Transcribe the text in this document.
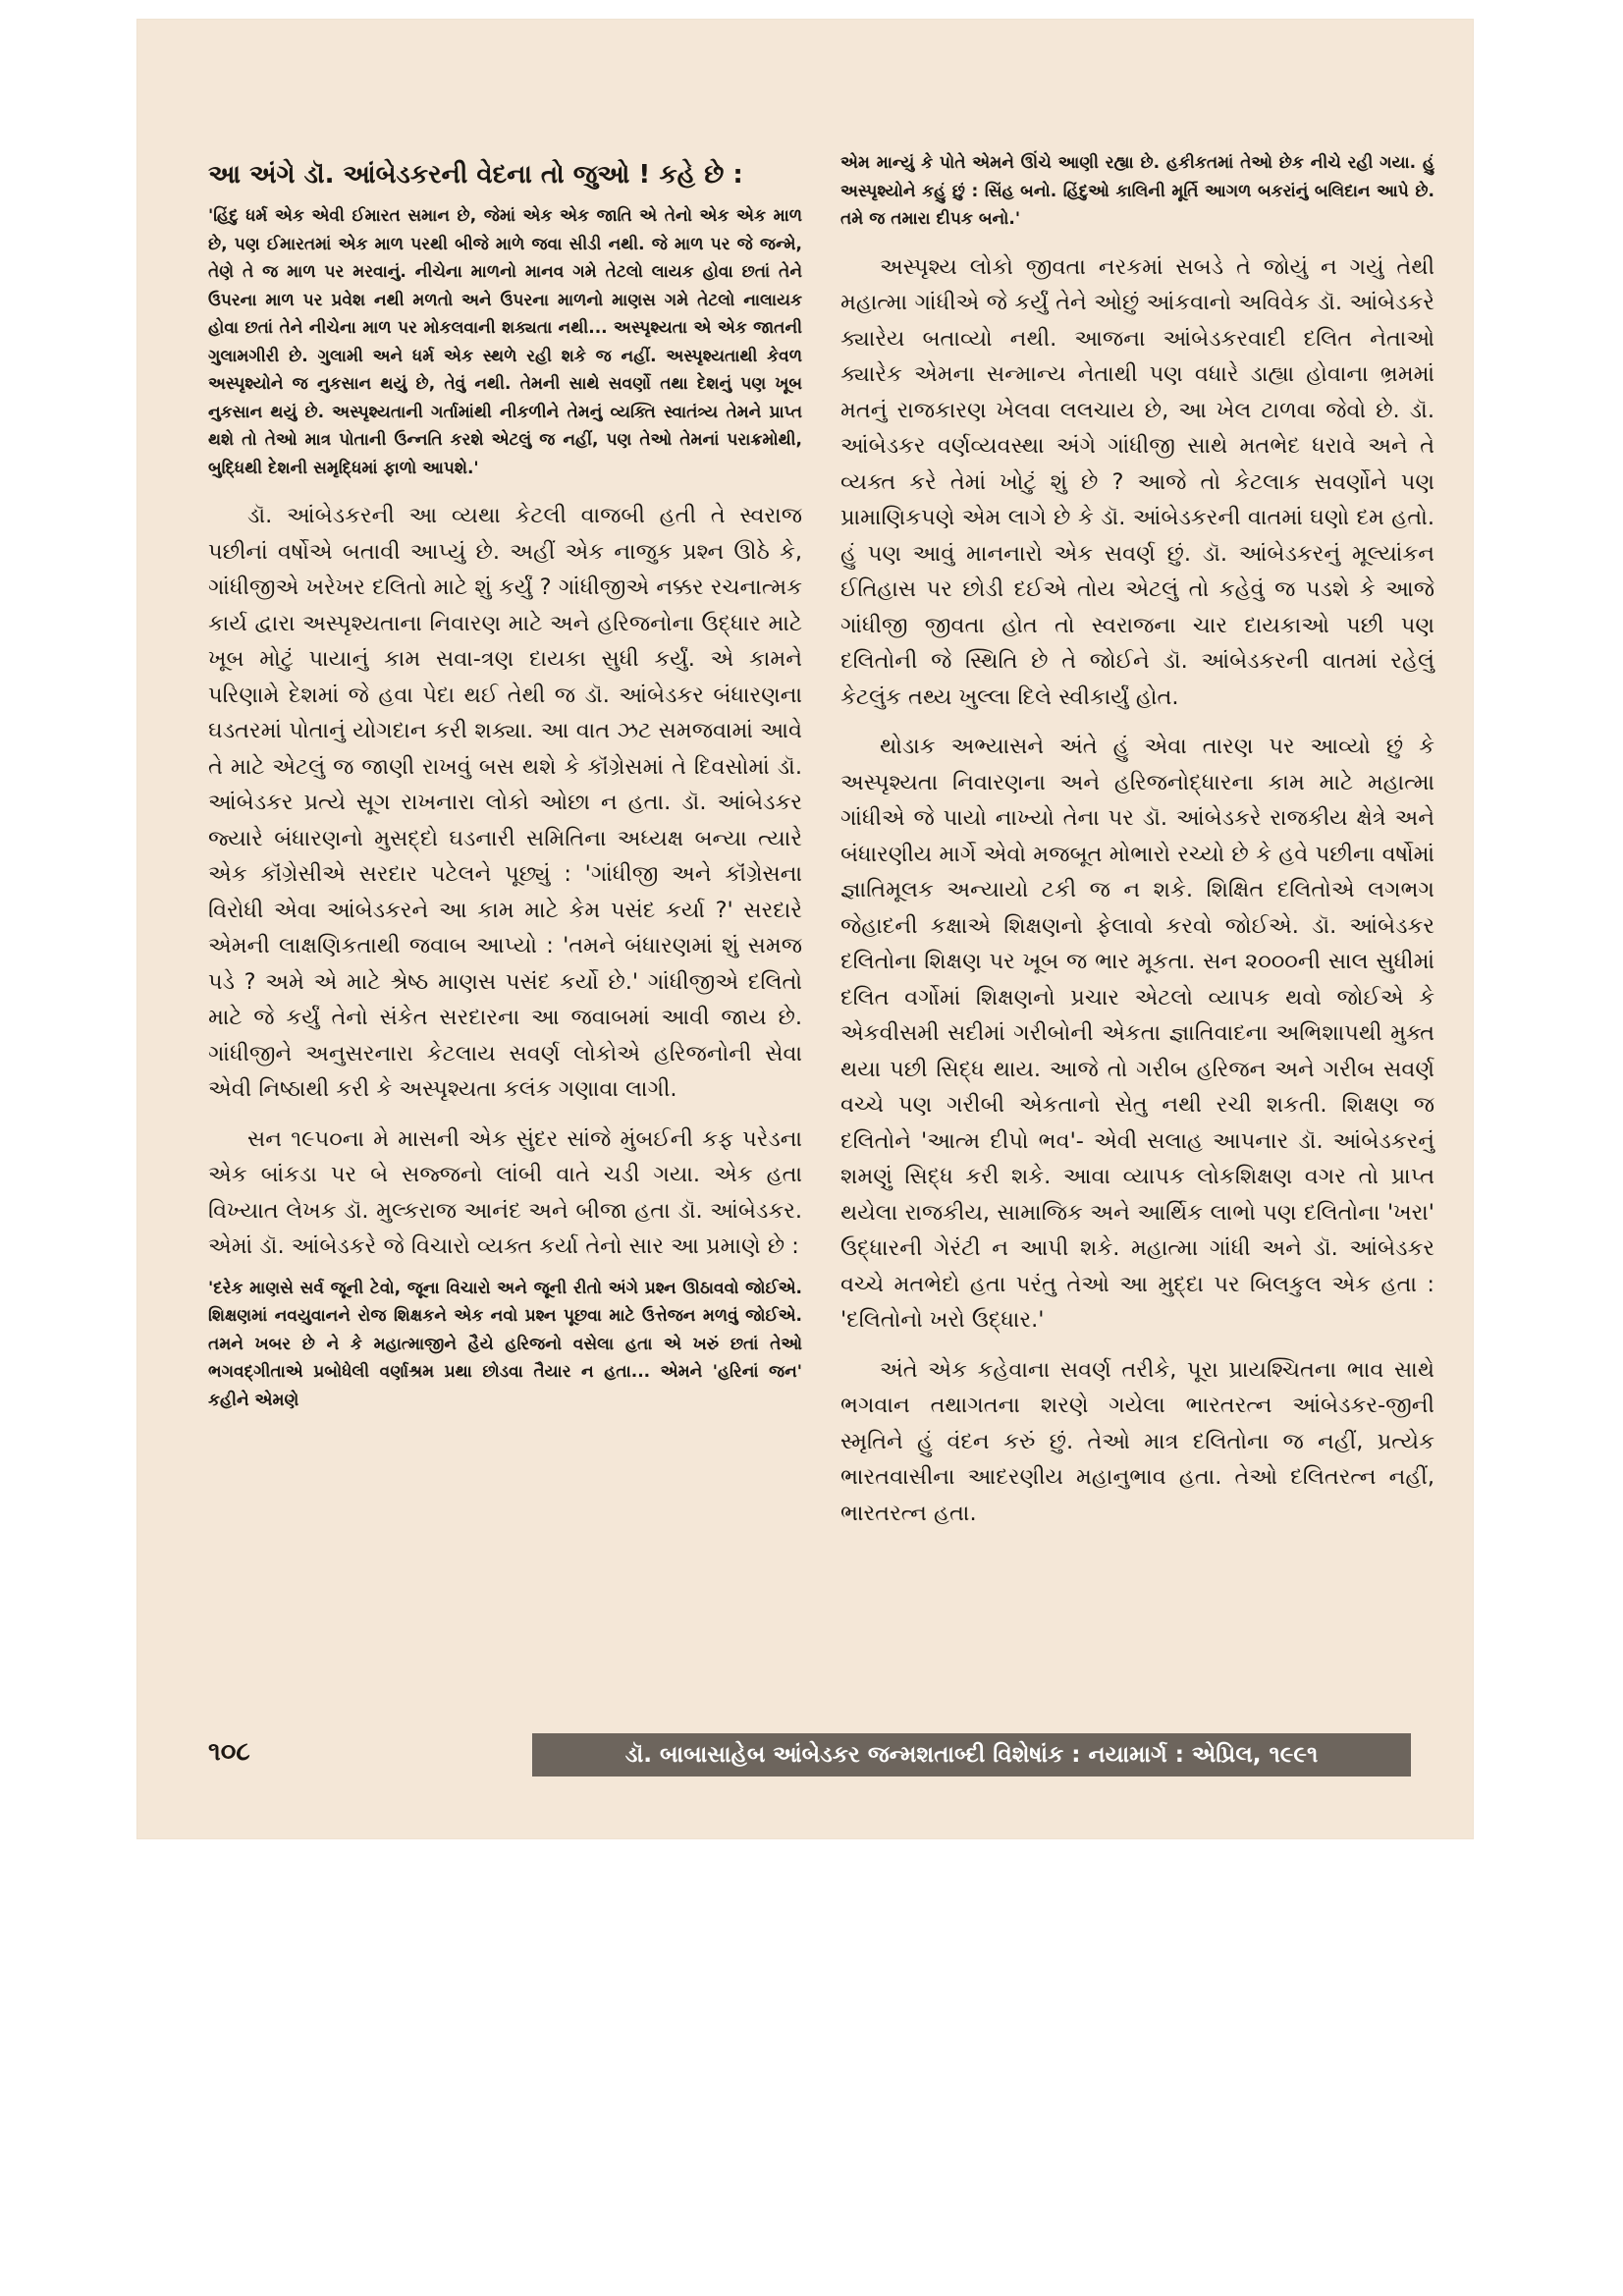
આ અંગે ડૉ. આંબેડકરની વેદના તો જુઓ ! કહે છે :

'હિંદુ ધર્મ એક એવી ઈમારત સમાન છે, જેમાં એક એક જાતિ એ તેનો એક એક માળ છે, પણ ઈમારતમાં એક માળ પરથી બીજે માળે જવા સીડી નથી. જે માળ પર જે જન્મે, તેણે તે જ માળ પર મરવાનું. નીચેના માળનો માનવ ગમે તેટલો લાયક હોવા છતાં તેને ઉપરના માળ પર પ્રવેશ નથી મળતો અને ઉપરના માળનો માણસ ગમે તેટલો નાલાયક હોવા છતાં તેને નીચેના માળ પર મોકલવાની શક્યતા નથી... અસ્પૃશ્યતા એ એક જાતની ગુલામગીરી છે. ગુલામી અને ધર્મ એક સ્થળે રહી શકે જ નહીં. અસ્પૃશ્યતાથી કેવળ અસ્પૃશ્યોને જ નુકસાન થયું છે, તેવું નથી. તેમની સાથે સવર્ણો તથા દેશનું પણ ખૂબ નુકસાન થયું છે. અસ્પૃશ્યતાની ગર્તામાંથી નીકળીને તેમનું વ્યક્તિ સ્વાતંત્ર્ય તેમને પ્રાપ્ત થશે તો તેઓ માત્ર પોતાની ઉન્નતિ કરશે એટલું જ નહીં, પણ તેઓ તેમનાં પરાક્રમોથી, બુદ્ધિથી દેશની સમૃદ્ધિમાં ફાળો આપશે.'

ડૉ. આંબેડકરની આ વ્યથા કેટલી વાજબી હતી તે સ્વરાજ પછીનાં વર્ષોએ બતાવી આપ્યું છે. અહીં એક નાજુક પ્રશ્ન ઊઠે કે, ગાંધીજીએ ખરેખર દલિતો માટે શું કર્યું ? ગાંધીજીએ નક્કર રચનાત્મક કાર્ય દ્વારા અસ્પૃશ્યતાના નિવારણ માટે અને હરિજનોના ઉદ્ધાર માટે ખૂબ મોટું પાયાનું કામ સવા-ત્રણ દાયકા સુધી કર્યું. એ કામને પરિણામે દેશમાં જે હવા પેદા થઈ તેથી જ ડૉ. આંબેડકર બંધારણના ઘડતરમાં પોતાનું યોગદાન કરી શક્યા. આ વાત ઝટ સમજવામાં આવે તે માટે એટલું જ જાણી રાખવું બસ થશે કે કૉંગ્રેસમાં તે દિવસોમાં ડૉ. આંબેડકર પ્રત્યે સૂગ રાખનારા લોકો ઓછા ન હતા. ડૉ. આંબેડકર જ્યારે બંધારણનો મુસદ્દો ઘડનારી સમિતિના અધ્યક્ષ બન્યા ત્યારે એક કૉંગ્રેસીએ સરદાર પટેલને પૂછ્યું : 'ગાંધીજી અને કૉંગ્રેસના વિરોધી એવા આંબેડકરને આ કામ માટે કેમ પસંદ કર્યા ?' સરદારે એમની લાક્ષણિકતાથી જવાબ આપ્યો : 'તમને બંધારણમાં શું સમજ પડે ? અમે એ માટે શ્રેષ્ઠ માણસ પસંદ કર્યો છે.' ગાંધીજીએ દલિતો માટે જે કર્યું તેનો સંકેત સરદારના આ જવાબમાં આવી જાય છે. ગાંધીજીને અનુસરનારા કેટલાય સવર્ણ લોકોએ હરિજનોની સેવા એવી નિષ્ઠાથી કરી કે અસ્પૃશ્યતા કલંક ગણાવા લાગી.

સન ૧૯૫૦ના મે માસની એક સુંદર સાંજે મુંબઈની કફ પરેડના એક બાંકડા પર બે સજ્જનો લાંબી વાતે ચડી ગયા. એક હતા વિખ્યાત લેખક ડૉ. મુલ્કરાજ આનંદ અને બીજા હતા ડૉ. આંબેડકર. એમાં ડૉ. આંબેડકરે જે વિચારો વ્યક્ત કર્યા તેનો સાર આ પ્રમાણે છે :

'દરેક માણસે સર્વ જૂની ટેવો, જૂના વિચારો અને જૂની રીતો અંગે પ્રશ્ન ઊઠાવવો જોઈએ. શિક્ષણમાં નવયુવાનને રોજ શિક્ષકને એક નવો પ્રશ્ન પૂછવા માટે ઉત્તેજન મળવું જોઈએ. તમને ખબર છે ને કે મહાત્માજીને હૈયે હરિજનો વસેલા હતા એ ખરું છતાં તેઓ ભગવદ્ગીતાએ પ્રબોધેલી વર્ણાશ્રમ પ્રથા છોડવા તૈયાર ન હતા... એમને 'હરિનાં જન' કહીને એમણે

એમ માન્યું કે પોતે એમને ઊંચે આણી રહ્યા છે. હકીકતમાં તેઓ છેક નીચે રહી ગયા. હું અસ્પૃશ્યોને કહું છું : સિંહ બનો. હિંદુઓ કાલિની મૂર્તિ આગળ બકરાંનું બલિદાન આપે છે. તમે જ તમારા દીપક બનો.'

અસ્પૃશ્ય લોકો જીવતા નરકમાં સબડે તે જોયું ન ગયું તેથી મહાત્મા ગાંધીએ જે કર્યું તેને ઓછું આંકવાનો અવિવેક ડૉ. આંબેડકરે ક્યારેય બતાવ્યો નથી. આજના આંબેડકરવાદી દલિત નેતાઓ ક્યારેક એમના સન્માન્ય નેતાથી પણ વધારે ડાહ્યા હોવાના ભ્રમમાં મતનું રાજકારણ ખેલવા લલચાય છે, આ ખેલ ટાળવા જેવો છે. ડૉ. આંબેડકર વર્ણવ્યવસ્થા અંગે ગાંધીજી સાથે મતભેદ ધરાવે અને તે વ્યક્ત કરે તેમાં ખોટું શું છે ? આજે તો કેટલાક સવર્ણોને પણ પ્રામાણિકપણે એમ લાગે છે કે ડૉ. આંબેડકરની વાતમાં ઘણો દમ હતો. હું પણ આવું માનનારો એક સવર્ણ છું. ડૉ. આંબેડકરનું મૂલ્યાંકન ઈતિહાસ પર છોડી દઈએ તોય એટલું તો કહેવું જ પડશે કે આજે ગાંધીજી જીવતા હોત તો સ્વરાજના ચાર દાયકાઓ પછી પણ દલિતોની જે સ્થિતિ છે તે જોઈને ડૉ. આંબેડકરની વાતમાં રહેલું કેટલુંક તથ્ય ખુલ્લા દિલે સ્વીકાર્યું હોત.

થોડાક અભ્યાસને અંતે હું એવા તારણ પર આવ્યો છું કે અસ્પૃશ્યતા નિવારણના અને હરિજનોદ્ધારના કામ માટે મહાત્મા ગાંધીએ જે પાયો નાખ્યો તેના પર ડૉ. આંબેડકરે રાજકીય ક્ષેત્રે અને બંધારણીય માર્ગે એવો મજબૂત મોભારો રચ્યો છે કે હવે પછીના વર્ષોમાં જ્ઞાતિમૂલક અન્યાયો ટકી જ ન શકે. શિક્ષિત દલિતોએ લગભગ જેહાદની કક્ષાએ શિક્ષણનો ફેલાવો કરવો જોઈએ. ડૉ. આંબેડકર દલિતોના શિક્ષણ પર ખૂબ જ ભાર મૂકતા. સન ૨૦૦૦ની સાલ સુધીમાં દલિત વર્ગોમાં શિક્ષણનો પ્રચાર એટલો વ્યાપક થવો જોઈએ કે એકવીસમી સદીમાં ગરીબોની એકતા જ્ઞાતિવાદના અભિશાપથી મુક્ત થયા પછી સિદ્ધ થાય. આજે તો ગરીબ હરિજન અને ગરીબ સવર્ણ વચ્ચે પણ ગરીબી એકતાનો સેતુ નથી રચી શકતી. શિક્ષણ જ દલિતોને 'આત્મ દીપો ભવ'- એવી સલાહ આપનાર ડૉ. આંબેડકરનું શમણું સિદ્ધ કરી શકે. આવા વ્યાપક લોકશિક્ષણ વગર તો પ્રાપ્ત થયેલા રાજકીય, સામાજિક અને આર્થિક લાભો પણ દલિતોના 'ખરા' ઉદ્ધારની ગેરંટી ન આપી શકે. મહાત્મા ગાંધી અને ડૉ. આંબેડકર વચ્ચે મતભેદો હતા પરંતુ તેઓ આ મુદ્દા પર બિલકુલ એક હતા : 'દલિતોનો ખરો ઉદ્ધાર.'

અંતે એક કહેવાના સવર્ણ તરીકે, પૂરા પ્રાયશ્ચિતના ભાવ સાથે ભગવાન તથાગતના શરણે ગયેલા ભારતરત્ન આંબેડકર-જીની સ્મૃતિને હું વંદન કરું છું. તેઓ માત્ર દલિતોના જ નહીં, પ્રત્યેક ભારતવાસીના આદરણીય મહાનુભાવ હતા. તેઓ દલિતરત્ન નહીં, ભારતરત્ન હતા.

૧૦૮	ડૉ. બાબાસાહેબ આંબેડકર જન્મશતાબ્દી વિશેષાંક : નયામાર્ગ : એપ્રિલ, ૧૯૯૧
